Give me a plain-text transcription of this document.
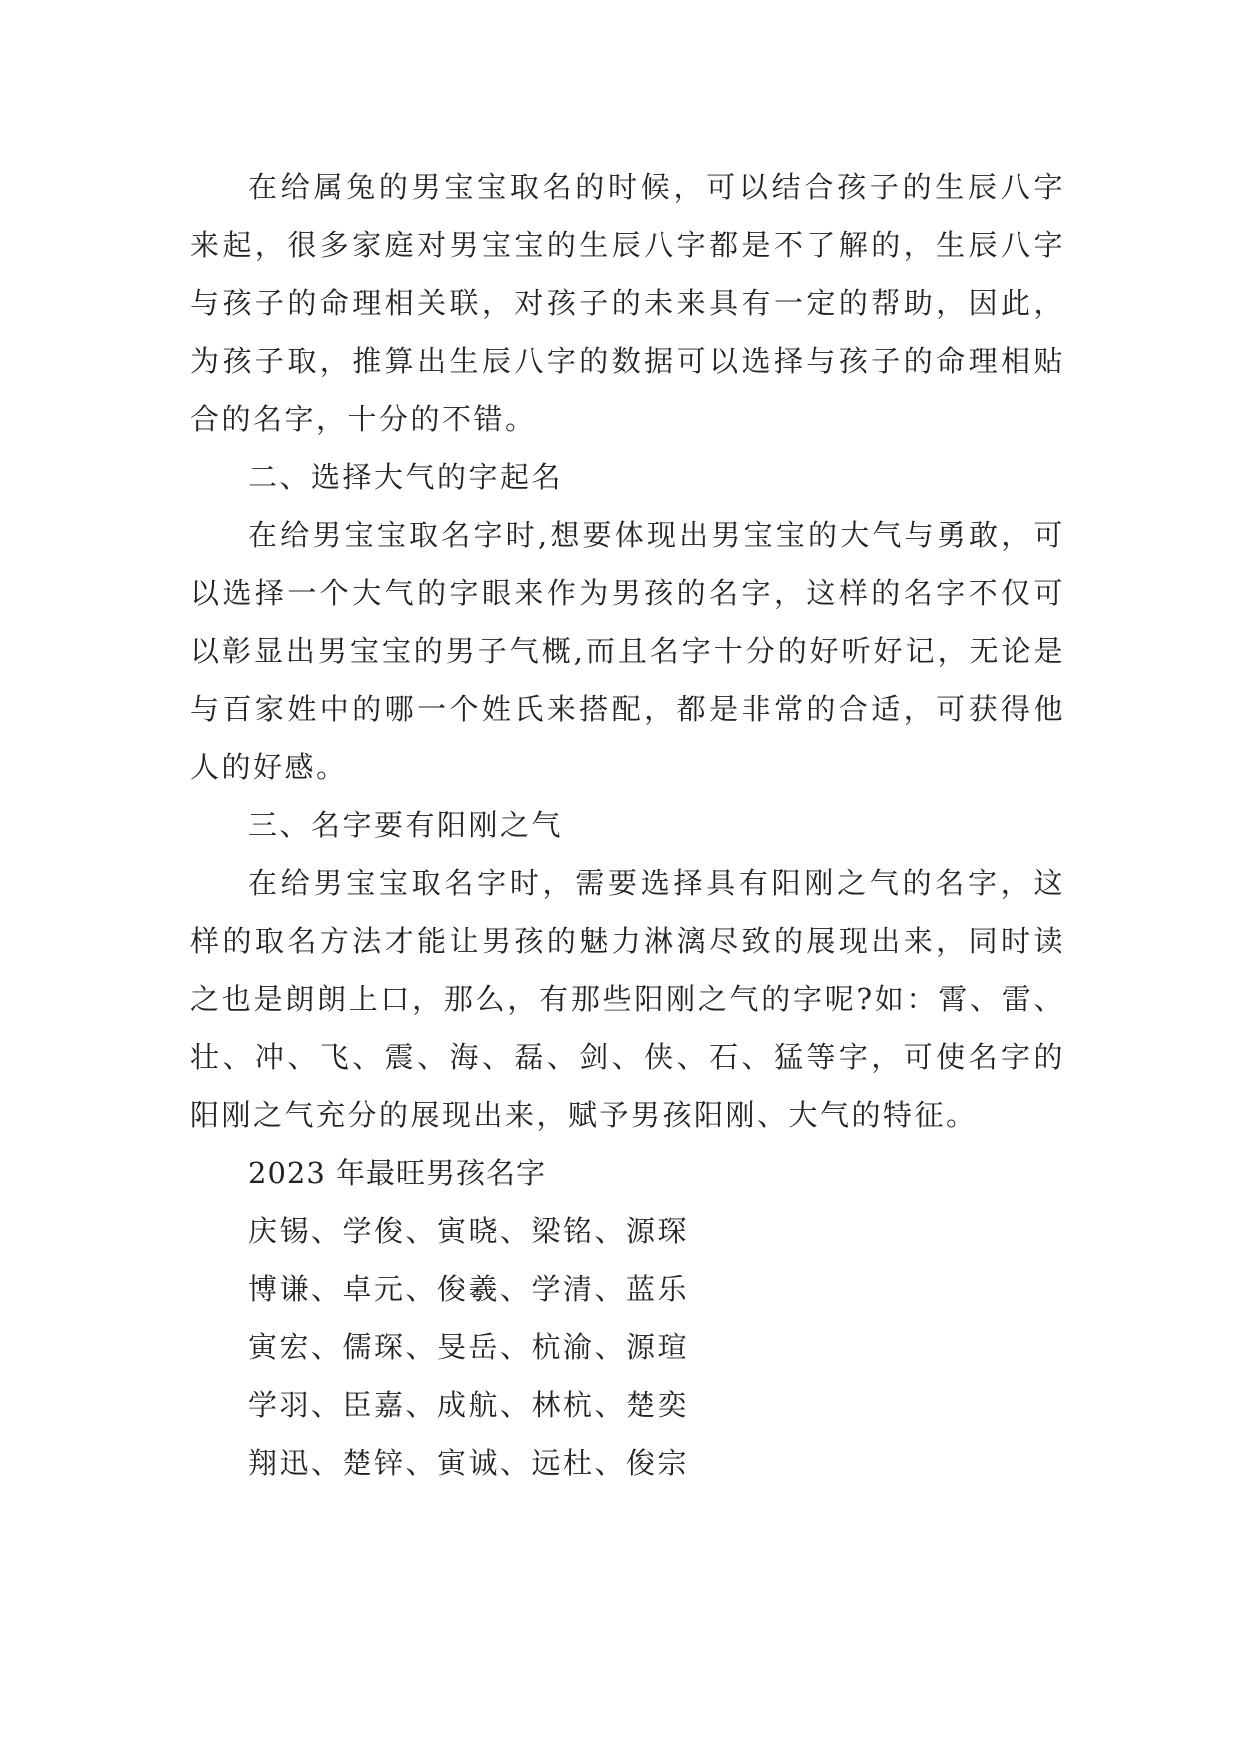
在给属兔的男宝宝取名的时候，可以结合孩子的生辰八字来起，很多家庭对男宝宝的生辰八字都是不了解的，生辰八字与孩子的命理相关联，对孩子的未来具有一定的帮助，因此，为孩子取，推算出生辰八字的数据可以选择与孩子的命理相贴合的名字，十分的不错。

二、选择大气的字起名

在给男宝宝取名字时,想要体现出男宝宝的大气与勇敢，可以选择一个大气的字眼来作为男孩的名字，这样的名字不仅可以彰显出男宝宝的男子气概,而且名字十分的好听好记，无论是与百家姓中的哪一个姓氏来搭配，都是非常的合适，可获得他人的好感。

三、名字要有阳刚之气

在给男宝宝取名字时，需要选择具有阳刚之气的名字，这样的取名方法才能让男孩的魅力淋漓尽致的展现出来，同时读之也是朗朗上口，那么，有那些阳刚之气的字呢?如：霄、雷、壮、冲、飞、震、海、磊、剑、侠、石、猛等字，可使名字的阳刚之气充分的展现出来，赋予男孩阳刚、大气的特征。

2023 年最旺男孩名字

庆锡、学俊、寅晓、梁铭、源琛

博谦、卓元、俊羲、学清、蓝乐

寅宏、儒琛、旻岳、杭渝、源瑄

学羽、臣嘉、成航、林杭、楚奕

翔迅、楚锌、寅诚、远杜、俊宗
